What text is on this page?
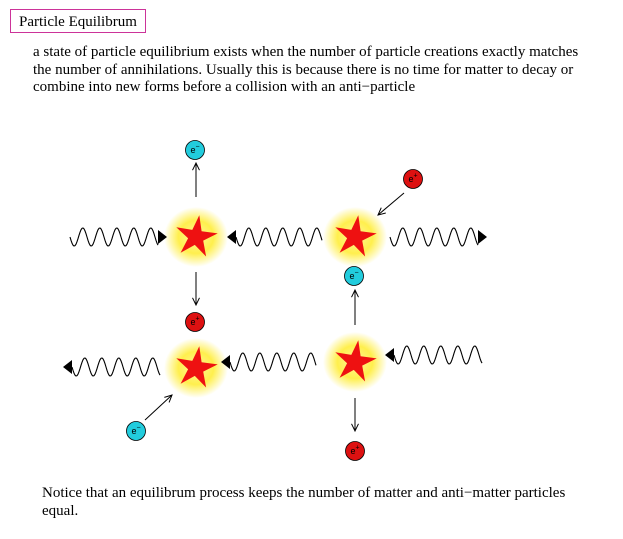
Particle Equilibrum

a state of particle equilibrium exists when the number of particle creations exactly matches the number of annihilations. Usually this is because there is no time for matter to decay or combine into new forms before a collision with an anti−particle

e −
e +
e +
e −
e −
e +

Notice that an equilibrum process keeps the number of matter and anti−matter particles equal.
